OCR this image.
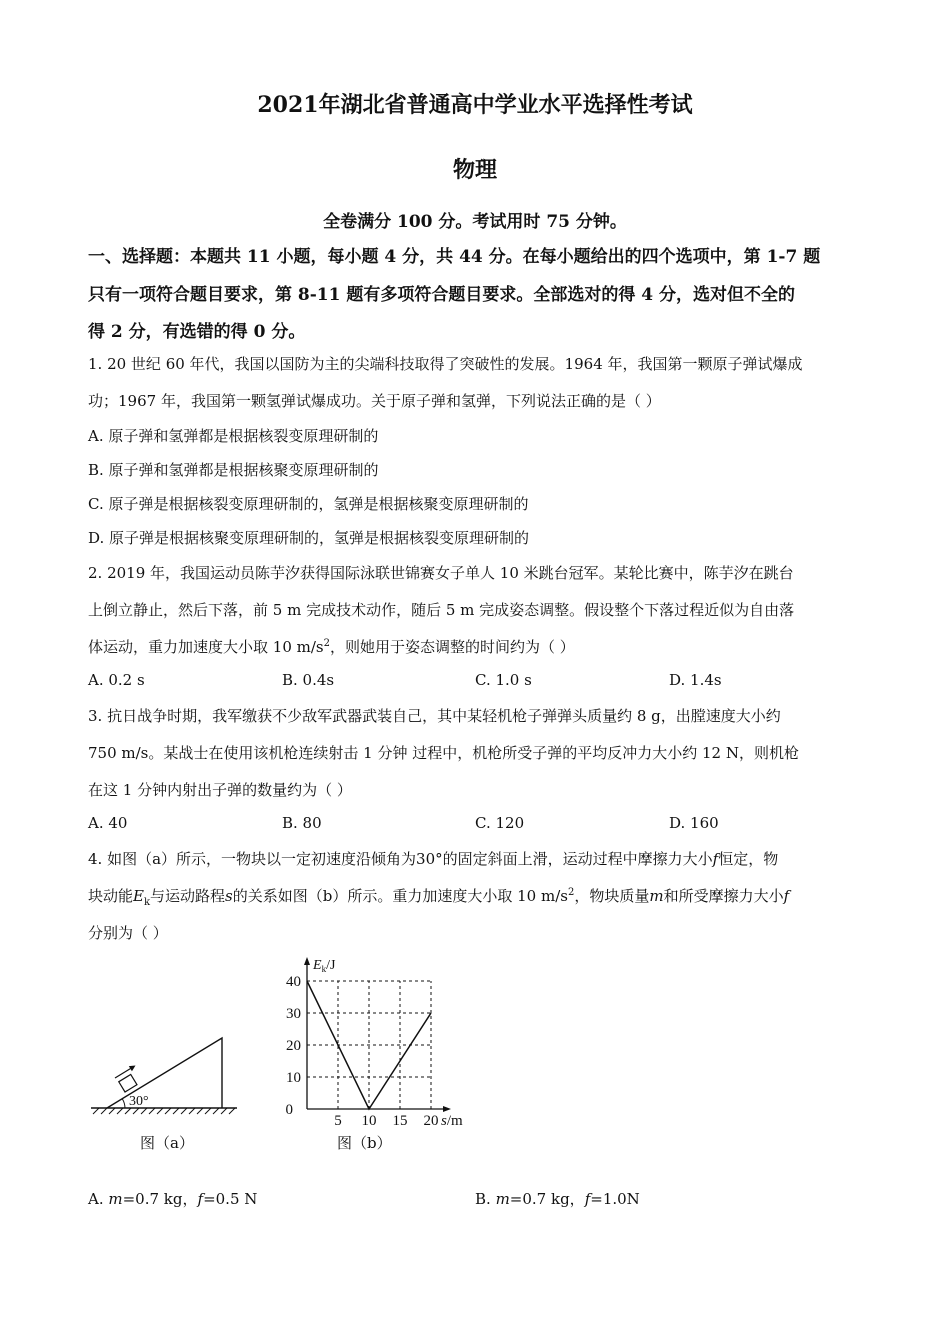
2021年湖北省普通高中学业水平选择性考试
物理
全卷满分 100 分。考试用时 75 分钟。
一、选择题：本题共 11 小题，每小题 4 分，共 44 分。在每小题给出的四个选项中，第 1-7 题
只有一项符合题目要求，第 8-11 题有多项符合题目要求。全部选对的得 4 分，选对但不全的
得 2 分，有选错的得 0 分。
1. 20 世纪 60 年代，我国以国防为主的尖端科技取得了突破性的发展。1964 年，我国第一颗原子弹试爆成
功；1967 年，我国第一颗氢弹试爆成功。关于原子弹和氢弹，下列说法正确的是（ ）
A. 原子弹和氢弹都是根据核裂变原理研制的
B. 原子弹和氢弹都是根据核聚变原理研制的
C. 原子弹是根据核裂变原理研制的，氢弹是根据核聚变原理研制的
D. 原子弹是根据核聚变原理研制的，氢弹是根据核裂变原理研制的
2. 2019 年，我国运动员陈芋汐获得国际泳联世锦赛女子单人 10 米跳台冠军。某轮比赛中，陈芋汐在跳台
上倒立静止，然后下落，前 5 m 完成技术动作，随后 5 m 完成姿态调整。假设整个下落过程近似为自由落
体运动，重力加速度大小取 10 $m/s^2$，则她用于姿态调整的时间约为（ ）
A. 0.2 s	B. 0.4s	C. 1.0 s	D. 1.4s
3. 抗日战争时期，我军缴获不少敌军武器武装自己，其中某轻机枪子弹弹头质量约 8 g，出膛速度大小约
750 m/s。某战士在使用该机枪连续射击 1 分钟 过程中，机枪所受子弹的平均反冲力大小约 12 N，则机枪
在这 1 分钟内射出子弹的数量约为（ ）
A. 40	B. 80	C. 120	D. 160
4. 如图（a）所示，一物块以一定初速度沿倾角为30°的固定斜面上滑，运动过程中摩擦力大小f恒定，物
块动能$E_k$与运动路程s的关系如图（b）所示。重力加速度大小取 10 $m/s^2$，物块质量m和所受摩擦力大小f
分别为（ ）
30°
图（a）
10
20
30
40
5 10 15 20
0
$E_k/J$
s/m
图（b）
A. m=0.7 kg，f=0.5 N	B. m=0.7 kg，f=1.0N
